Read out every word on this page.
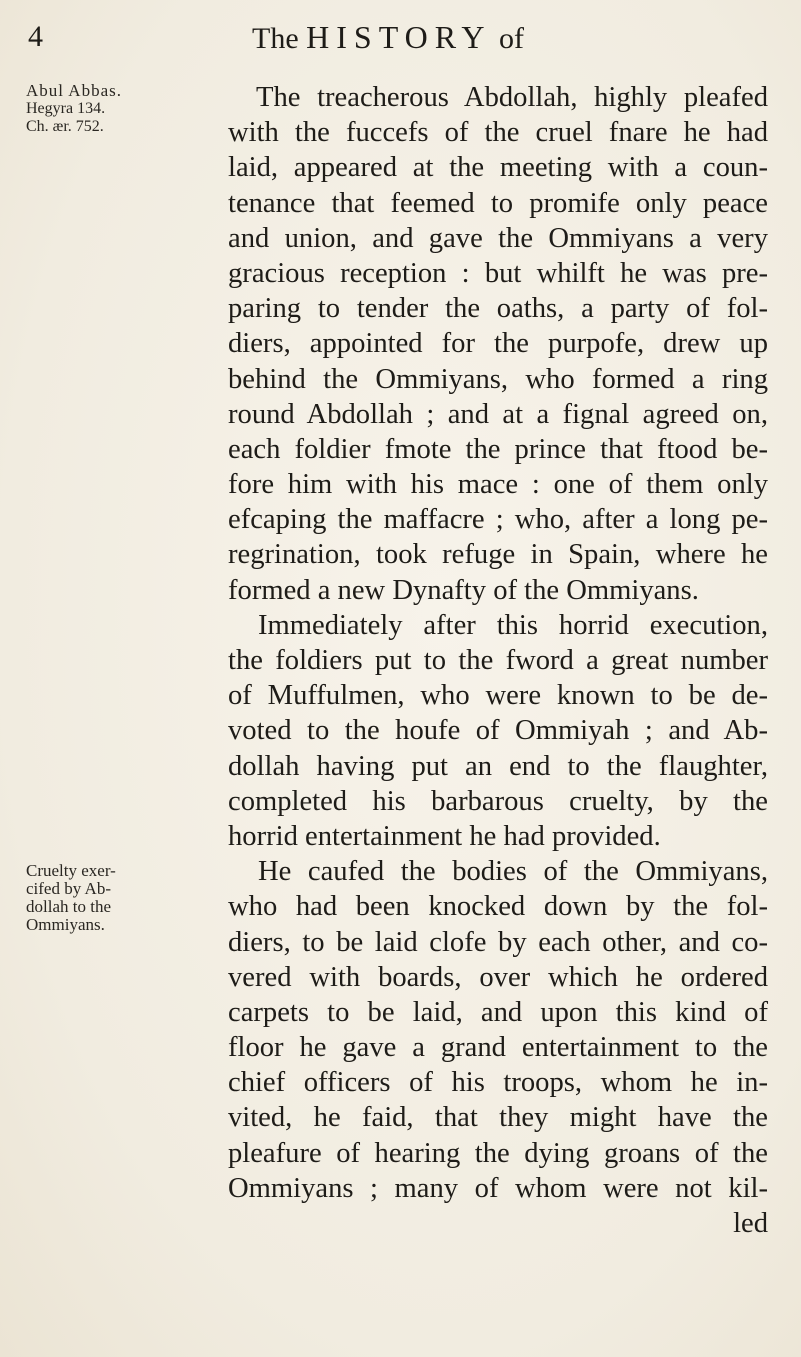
4	The HISTORY of
Abul Abbas.
Hegyra 134.
Ch. ær. 752.
Cruelty exer-
cifed by Ab-
dollah to the
Ommiyans.
The treacherous Abdollah, highly pleafed
with the fuccefs of the cruel fnare he had
laid, appeared at the meeting with a coun-
tenance that feemed to promife only peace
and union, and gave the Ommiyans a very
gracious reception : but whilft he was pre-
paring to tender the oaths, a party of fol-
diers, appointed for the purpofe, drew up
behind the Ommiyans, who formed a ring
round Abdollah ; and at a fignal agreed on,
each foldier fmote the prince that ftood be-
fore him with his mace : one of them only
efcaping the maffacre ; who, after a long pe-
regrination, took refuge in Spain, where he
formed a new Dynafty of the Ommiyans.
Immediately after this horrid execution,
the foldiers put to the fword a great number
of Muffulmen, who were known to be de-
voted to the houfe of Ommiyah ; and Ab-
dollah having put an end to the flaughter,
completed his barbarous cruelty, by the
horrid entertainment he had provided.
He caufed the bodies of the Ommiyans,
who had been knocked down by the fol-
diers, to be laid clofe by each other, and co-
vered with boards, over which he ordered
carpets to be laid, and upon this kind of
floor he gave a grand entertainment to the
chief officers of his troops, whom he in-
vited, he faid, that they might have the
pleafure of hearing the dying groans of the
Ommiyans ; many of whom were not kil-
led
